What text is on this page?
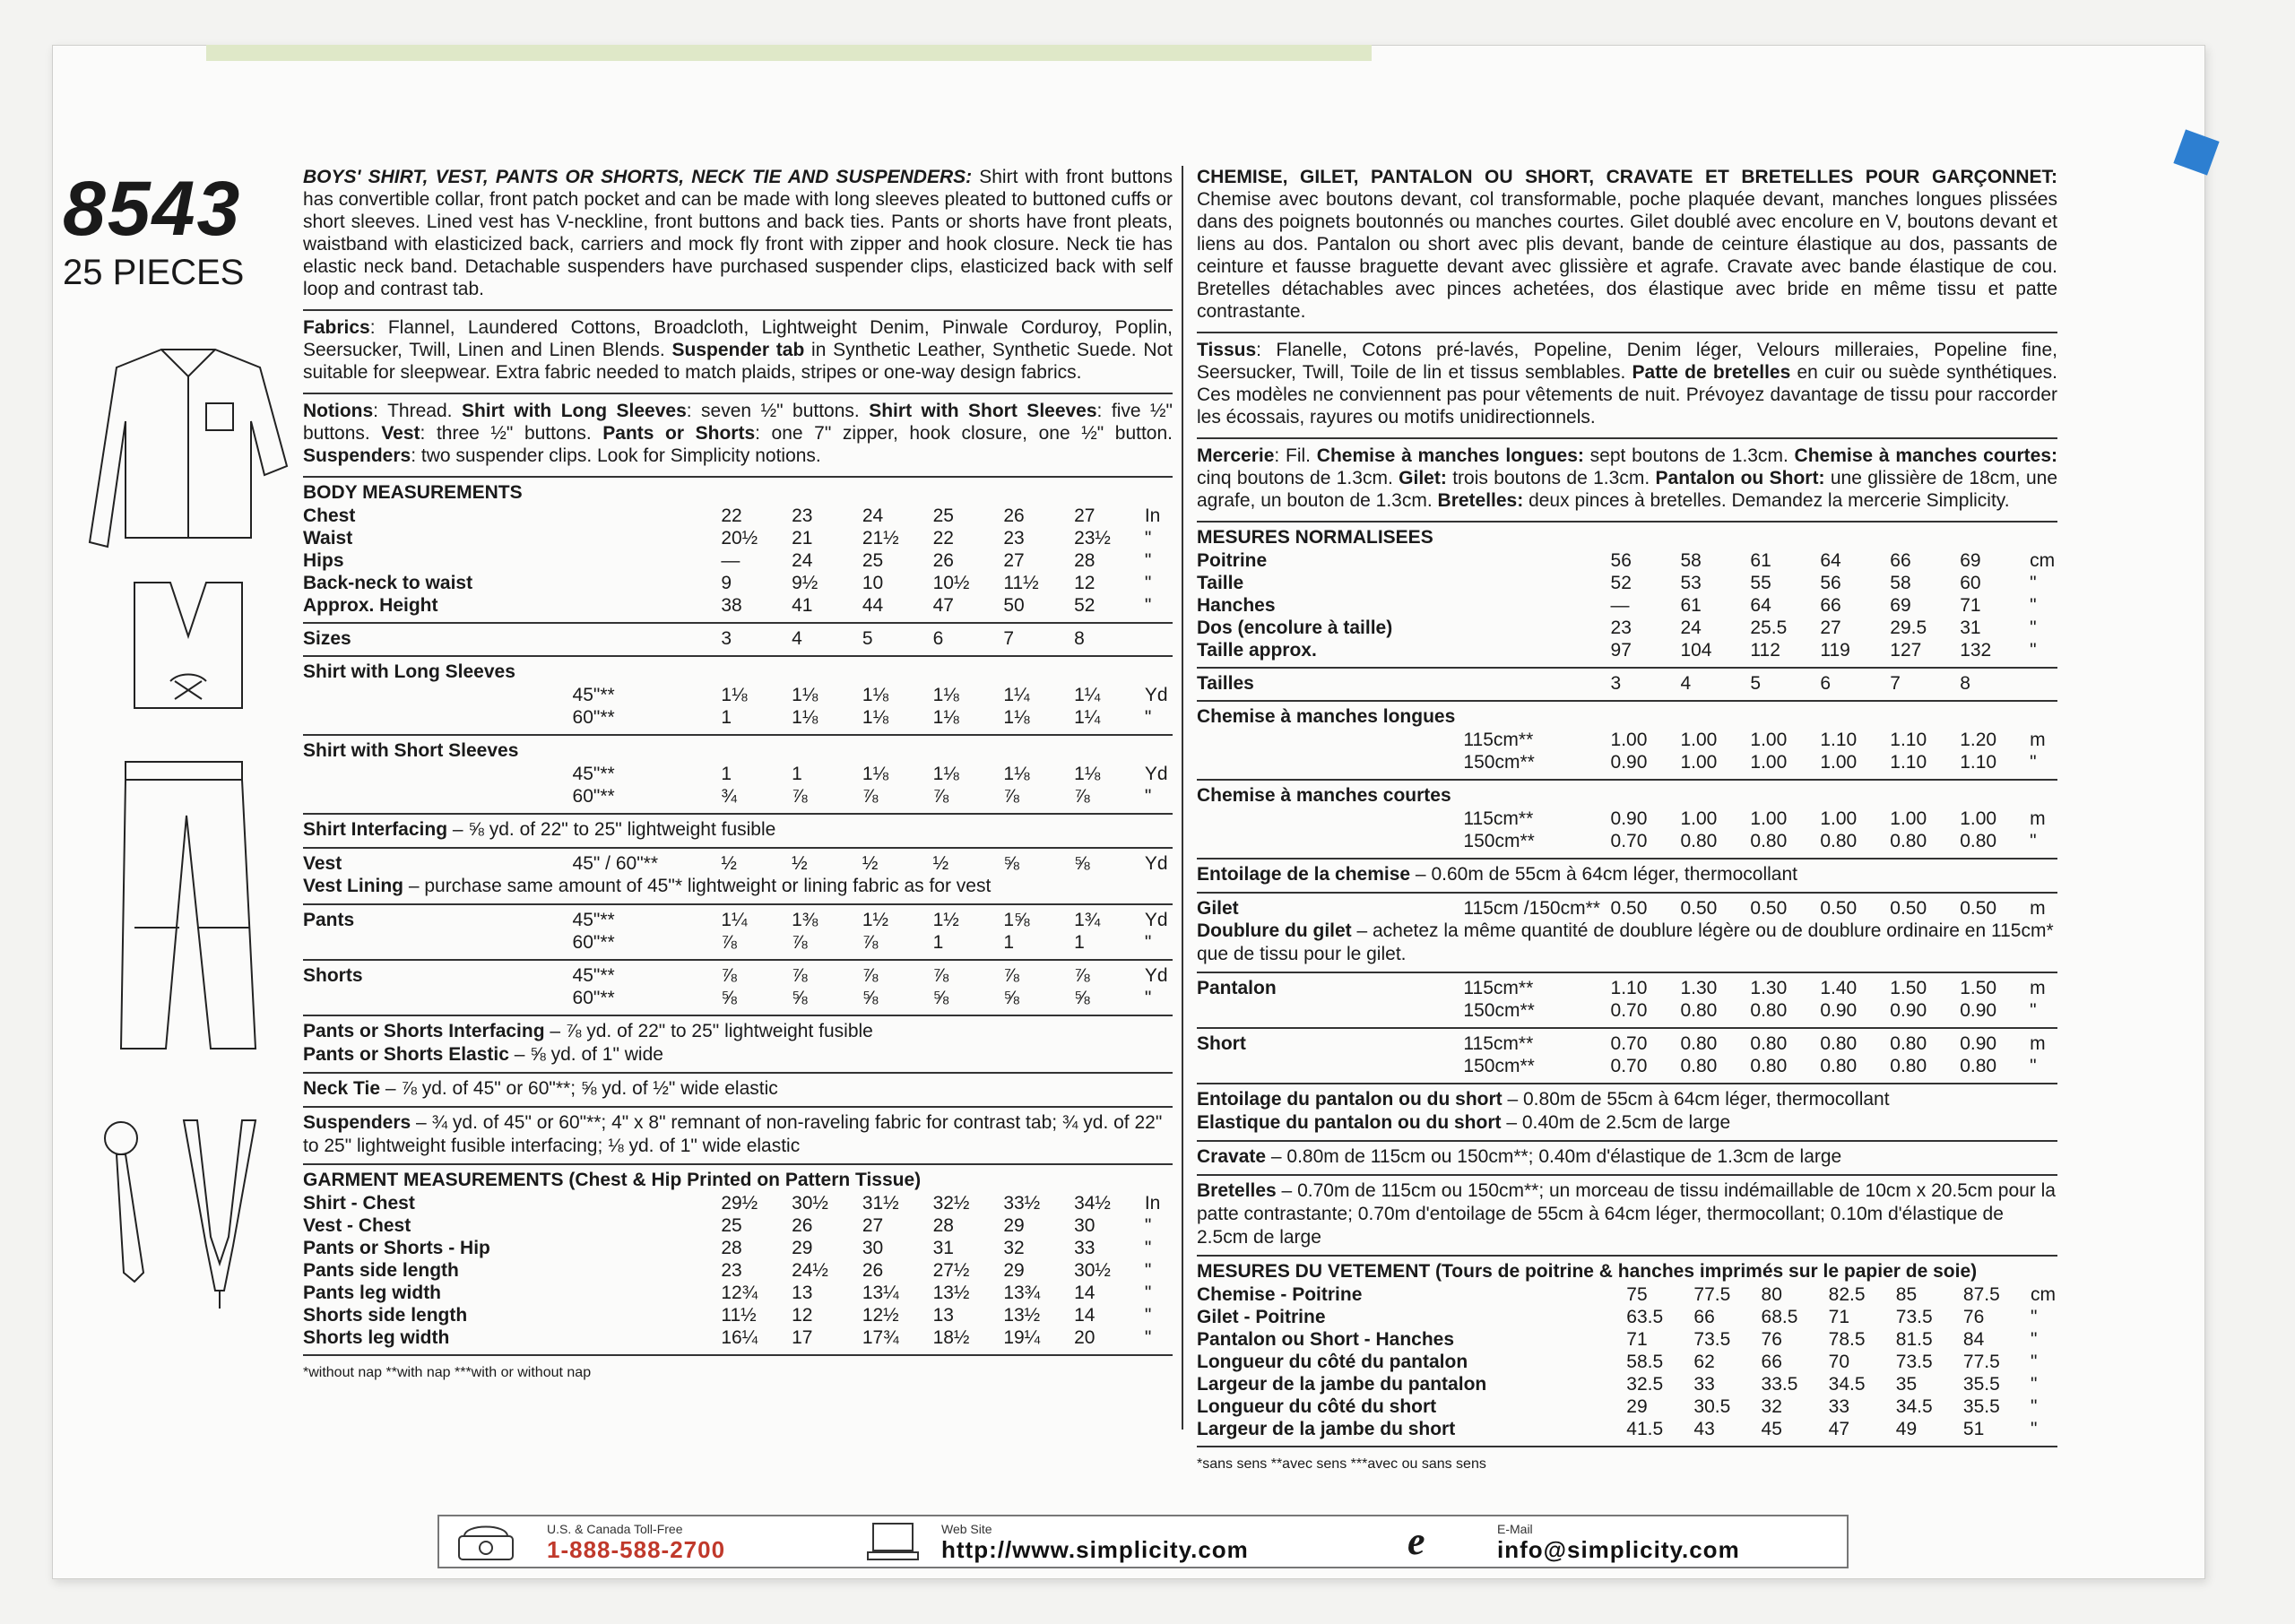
8543
25 PIECES
BOYS' SHIRT, VEST, PANTS OR SHORTS, NECK TIE AND SUSPENDERS: Shirt with front buttons has convertible collar, front patch pocket and can be made with long sleeves pleated to buttoned cuffs or short sleeves. Lined vest has V-neckline, front buttons and back ties. Pants or shorts have front pleats, waistband with elasticized back, carriers and mock fly front with zipper and hook closure. Neck tie has elastic neck band. Detachable suspenders have purchased suspender clips, elasticized back with self loop and contrast tab.
Fabrics: Flannel, Laundered Cottons, Broadcloth, Lightweight Denim, Pinwale Corduroy, Poplin, Seersucker, Twill, Linen and Linen Blends. Suspender tab in Synthetic Leather, Synthetic Suede. Not suitable for sleepwear. Extra fabric needed to match plaids, stripes or one-way design fabrics.
Notions: Thread. Shirt with Long Sleeves: seven ½" buttons. Shirt with Short Sleeves: five ½" buttons. Vest: three ½" buttons. Pants or Shorts: one 7" zipper, hook closure, one ½" button. Suspenders: two suspender clips. Look for Simplicity notions.
BODY MEASUREMENTS
Chest		22	23	24	25	26	27	In
Waist		20½	21	21½	22	23	23½	"
Hips		—	24	25	26	27	28	"
Back-neck to waist		9	9½	10	10½	11½	12	"
Approx. Height		38	41	44	47	50	52	"
Sizes		3	4	5	6	7	8	
Shirt with Long Sleeves
	45"**	1⅛	1⅛	1⅛	1⅛	1¼	1¼	Yd
	60"**	1	1⅛	1⅛	1⅛	1⅛	1¼	"
Shirt with Short Sleeves
	45"**	1	1	1⅛	1⅛	1⅛	1⅛	Yd
	60"**	¾	⅞	⅞	⅞	⅞	⅞	"
Shirt Interfacing – ⅝ yd. of 22" to 25" lightweight fusible
Vest	45" / 60"**	½	½	½	½	⅝	⅝	Yd
Vest Lining – purchase same amount of 45"* lightweight or lining fabric as for vest
Pants	45"**	1¼	1⅜	1½	1½	1⅝	1¾	Yd
	60"**	⅞	⅞	⅞	1	1	1	"
Shorts	45"**	⅞	⅞	⅞	⅞	⅞	⅞	Yd
	60"**	⅝	⅝	⅝	⅝	⅝	⅝	"
Pants or Shorts Interfacing – ⅞ yd. of 22" to 25" lightweight fusible
Pants or Shorts Elastic – ⅝ yd. of 1" wide
Neck Tie – ⅞ yd. of 45" or 60"**; ⅝ yd. of ½" wide elastic
Suspenders – ¾ yd. of 45" or 60"**; 4" x 8" remnant of non-raveling fabric for contrast tab; ¾ yd. of 22" to 25" lightweight fusible interfacing; ⅛ yd. of 1" wide elastic
GARMENT MEASUREMENTS (Chest & Hip Printed on Pattern Tissue)
Shirt - Chest		29½	30½	31½	32½	33½	34½	In
Vest - Chest		25	26	27	28	29	30	"
Pants or Shorts - Hip		28	29	30	31	32	33	"
Pants side length		23	24½	26	27½	29	30½	"
Pants leg width		12¾	13	13¼	13½	13¾	14	"
Shorts side length		11½	12	12½	13	13½	14	"
Shorts leg width		16¼	17	17¾	18½	19¼	20	"
*without nap **with nap ***with or without nap
CHEMISE, GILET, PANTALON OU SHORT, CRAVATE ET BRETELLES POUR GARÇONNET: Chemise avec boutons devant, col transformable, poche plaquée devant, manches longues plissées dans des poignets boutonnés ou manches courtes. Gilet doublé avec encolure en V, boutons devant et liens au dos. Pantalon ou short avec plis devant, bande de ceinture élastique au dos, passants de ceinture et fausse braguette devant avec glissière et agrafe. Cravate avec bande élastique de cou. Bretelles détachables avec pinces achetées, dos élastique avec bride en même tissu et patte contrastante.
Tissus: Flanelle, Cotons pré-lavés, Popeline, Denim léger, Velours milleraies, Popeline fine, Seersucker, Twill, Toile de lin et tissus semblables. Patte de bretelles en cuir ou suède synthétiques. Ces modèles ne conviennent pas pour vêtements de nuit. Prévoyez davantage de tissu pour raccorder les écossais, rayures ou motifs unidirectionnels.
Mercerie: Fil. Chemise à manches longues: sept boutons de 1.3cm. Chemise à manches courtes: cinq boutons de 1.3cm. Gilet: trois boutons de 1.3cm. Pantalon ou Short: une glissière de 18cm, une agrafe, un bouton de 1.3cm. Bretelles: deux pinces à bretelles. Demandez la mercerie Simplicity.
MESURES NORMALISEES
Poitrine		56	58	61	64	66	69	cm
Taille		52	53	55	56	58	60	"
Hanches		—	61	64	66	69	71	"
Dos (encolure à taille)		23	24	25.5	27	29.5	31	"
Taille approx.		97	104	112	119	127	132	"
Tailles		3	4	5	6	7	8	
Chemise à manches longues
	115cm**	1.00	1.00	1.00	1.10	1.10	1.20	m
	150cm**	0.90	1.00	1.00	1.00	1.10	1.10	"
Chemise à manches courtes
	115cm**	0.90	1.00	1.00	1.00	1.00	1.00	m
	150cm**	0.70	0.80	0.80	0.80	0.80	0.80	"
Entoilage de la chemise – 0.60m de 55cm à 64cm léger, thermocollant
Gilet	115cm /150cm**	0.50	0.50	0.50	0.50	0.50	0.50	m
Doublure du gilet – achetez la même quantité de doublure légère ou de doublure ordinaire en 115cm* que de tissu pour le gilet.
Pantalon	115cm**	1.10	1.30	1.30	1.40	1.50	1.50	m
	150cm**	0.70	0.80	0.80	0.90	0.90	0.90	"
Short	115cm**	0.70	0.80	0.80	0.80	0.80	0.90	m
	150cm**	0.70	0.80	0.80	0.80	0.80	0.80	"
Entoilage du pantalon ou du short – 0.80m de 55cm à 64cm léger, thermocollant
Elastique du pantalon ou du short – 0.40m de 2.5cm de large
Cravate – 0.80m de 115cm ou 150cm**; 0.40m d'élastique de 1.3cm de large
Bretelles – 0.70m de 115cm ou 150cm**; un morceau de tissu indémaillable de 10cm x 20.5cm pour la patte contrastante; 0.70m d'entoilage de 55cm à 64cm léger, thermocollant; 0.10m d'élastique de 2.5cm de large
MESURES DU VETEMENT (Tours de poitrine & hanches imprimés sur le papier de soie)
Chemise - Poitrine		75	77.5	80	82.5	85	87.5	cm
Gilet - Poitrine		63.5	66	68.5	71	73.5	76	"
Pantalon ou Short - Hanches		71	73.5	76	78.5	81.5	84	"
Longueur du côté du pantalon		58.5	62	66	70	73.5	77.5	"
Largeur de la jambe du pantalon		32.5	33	33.5	34.5	35	35.5	"
Longueur du côté du short		29	30.5	32	33	34.5	35.5	"
Largeur de la jambe du short		41.5	43	45	47	49	51	"
*sans sens **avec sens ***avec ou sans sens
U.S. & Canada Toll-Free
1-888-588-2700
Web Site
http://www.simplicity.com	e	E-Mail
info@simplicity.com
